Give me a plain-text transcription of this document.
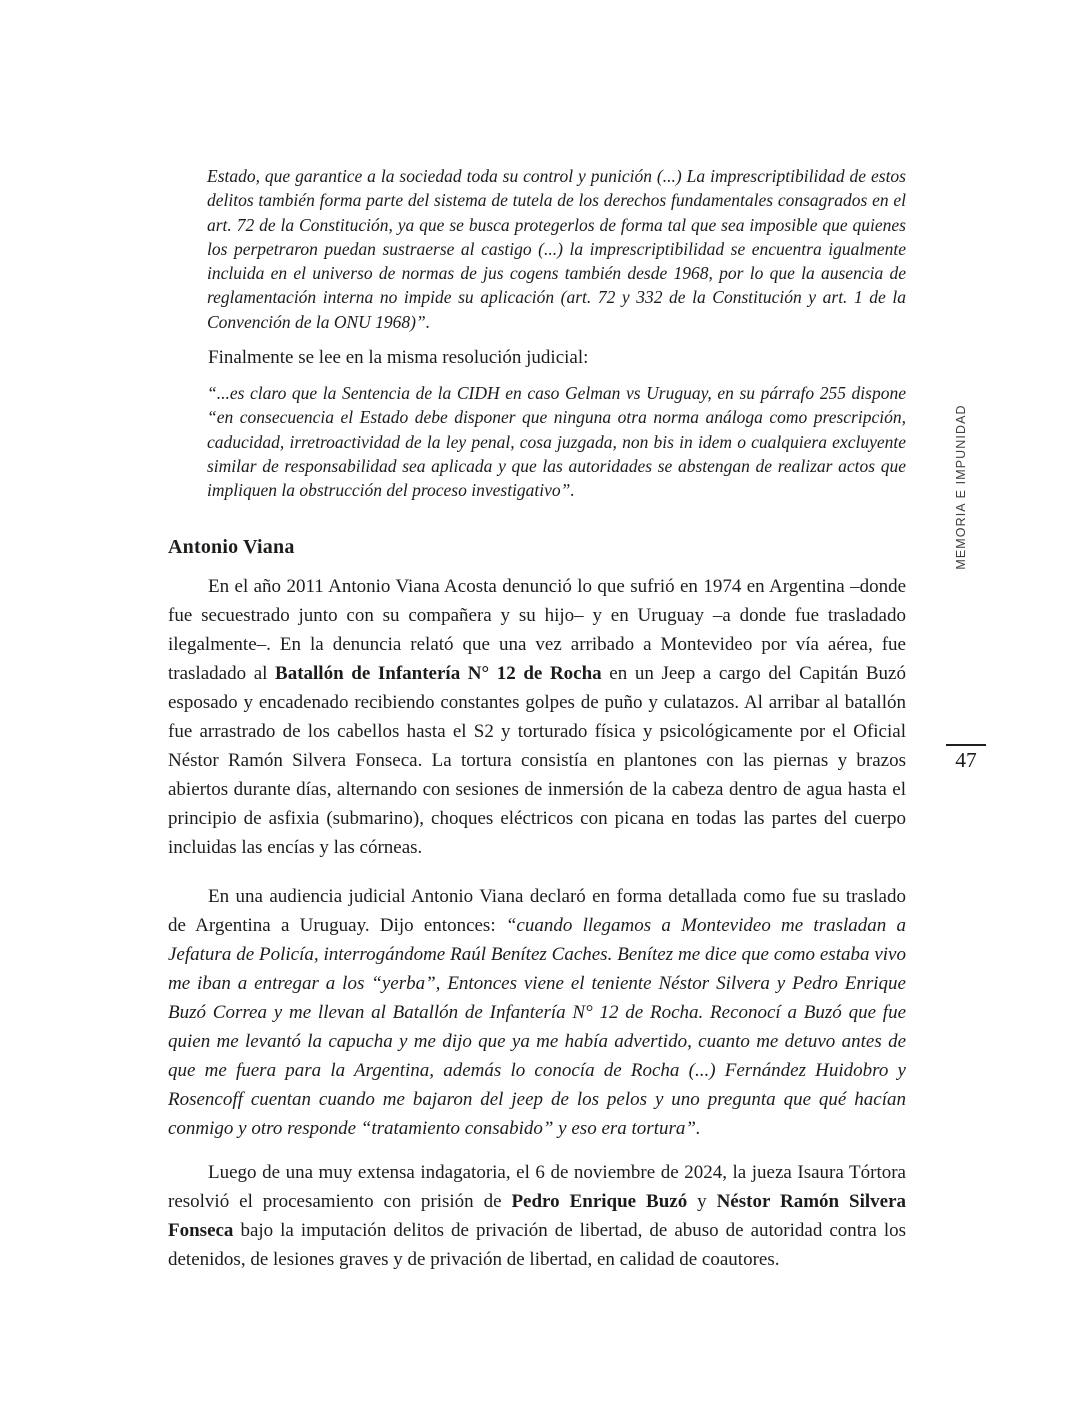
Estado, que garantice a la sociedad toda su control y punición (...) La imprescriptibilidad de estos delitos también forma parte del sistema de tutela de los derechos fundamentales consagrados en el art. 72 de la Constitución, ya que se busca protegerlos de forma tal que sea imposible que quienes los perpetraron puedan sustraerse al castigo (...) la imprescriptibilidad se encuentra igualmente incluida en el universo de normas de jus cogens también desde 1968, por lo que la ausencia de reglamentación interna no impide su aplicación (art. 72 y 332 de la Constitución y art. 1 de la Convención de la ONU 1968)”.

Finalmente se lee en la misma resolución judicial:

“...es claro que la Sentencia de la CIDH en caso Gelman vs Uruguay, en su párrafo 255 dispone “en consecuencia el Estado debe disponer que ninguna otra norma análoga como prescripción, caducidad, irretroactividad de la ley penal, cosa juzgada, non bis in idem o cualquiera excluyente similar de responsabilidad sea aplicada y que las autoridades se abstengan de realizar actos que impliquen la obstrucción del proceso investigativo”.
Antonio Viana

En el año 2011 Antonio Viana Acosta denunció lo que sufrió en 1974 en Argentina –donde fue secuestrado junto con su compañera y su hijo– y en Uruguay –a donde fue trasladado ilegalmente–. En la denuncia relató que una vez arribado a Montevideo por vía aérea, fue trasladado al Batallón de Infantería N° 12 de Rocha en un Jeep a cargo del Capitán Buzó esposado y encadenado recibiendo constantes golpes de puño y culatazos. Al arribar al batallón fue arrastrado de los cabellos hasta el S2 y torturado física y psicológicamente por el Oficial Néstor Ramón Silvera Fonseca. La tortura consistía en plantones con las piernas y brazos abiertos durante días, alternando con sesiones de inmersión de la cabeza dentro de agua hasta el principio de asfixia (submarino), choques eléctricos con picana en todas las partes del cuerpo incluidas las encías y las córneas.

En una audiencia judicial Antonio Viana declaró en forma detallada como fue su traslado de Argentina a Uruguay. Dijo entonces: “cuando llegamos a Montevideo me trasladan a Jefatura de Policía, interrogándome Raúl Benítez Caches. Benítez me dice que como estaba vivo me iban a entregar a los “yerba”, Entonces viene el teniente Néstor Silvera y Pedro Enrique Buzó Correa y me llevan al Batallón de Infantería N° 12 de Rocha. Reconocí a Buzó que fue quien me levantó la capucha y me dijo que ya me había advertido, cuanto me detuvo antes de que me fuera para la Argentina, además lo conocía de Rocha (...) Fernández Huidobro y Rosencoff cuentan cuando me bajaron del jeep de los pelos y uno pregunta que qué hacían conmigo y otro responde “tratamiento consabido” y eso era tortura”.

Luego de una muy extensa indagatoria, el 6 de noviembre de 2024, la jueza Isaura Tórtora resolvió el procesamiento con prisión de Pedro Enrique Buzó y Néstor Ramón Silvera Fonseca bajo la imputación delitos de privación de libertad, de abuso de autoridad contra los detenidos, de lesiones graves y de privación de libertad, en calidad de coautores.

MEMORIA E IMPUNIDAD
47
